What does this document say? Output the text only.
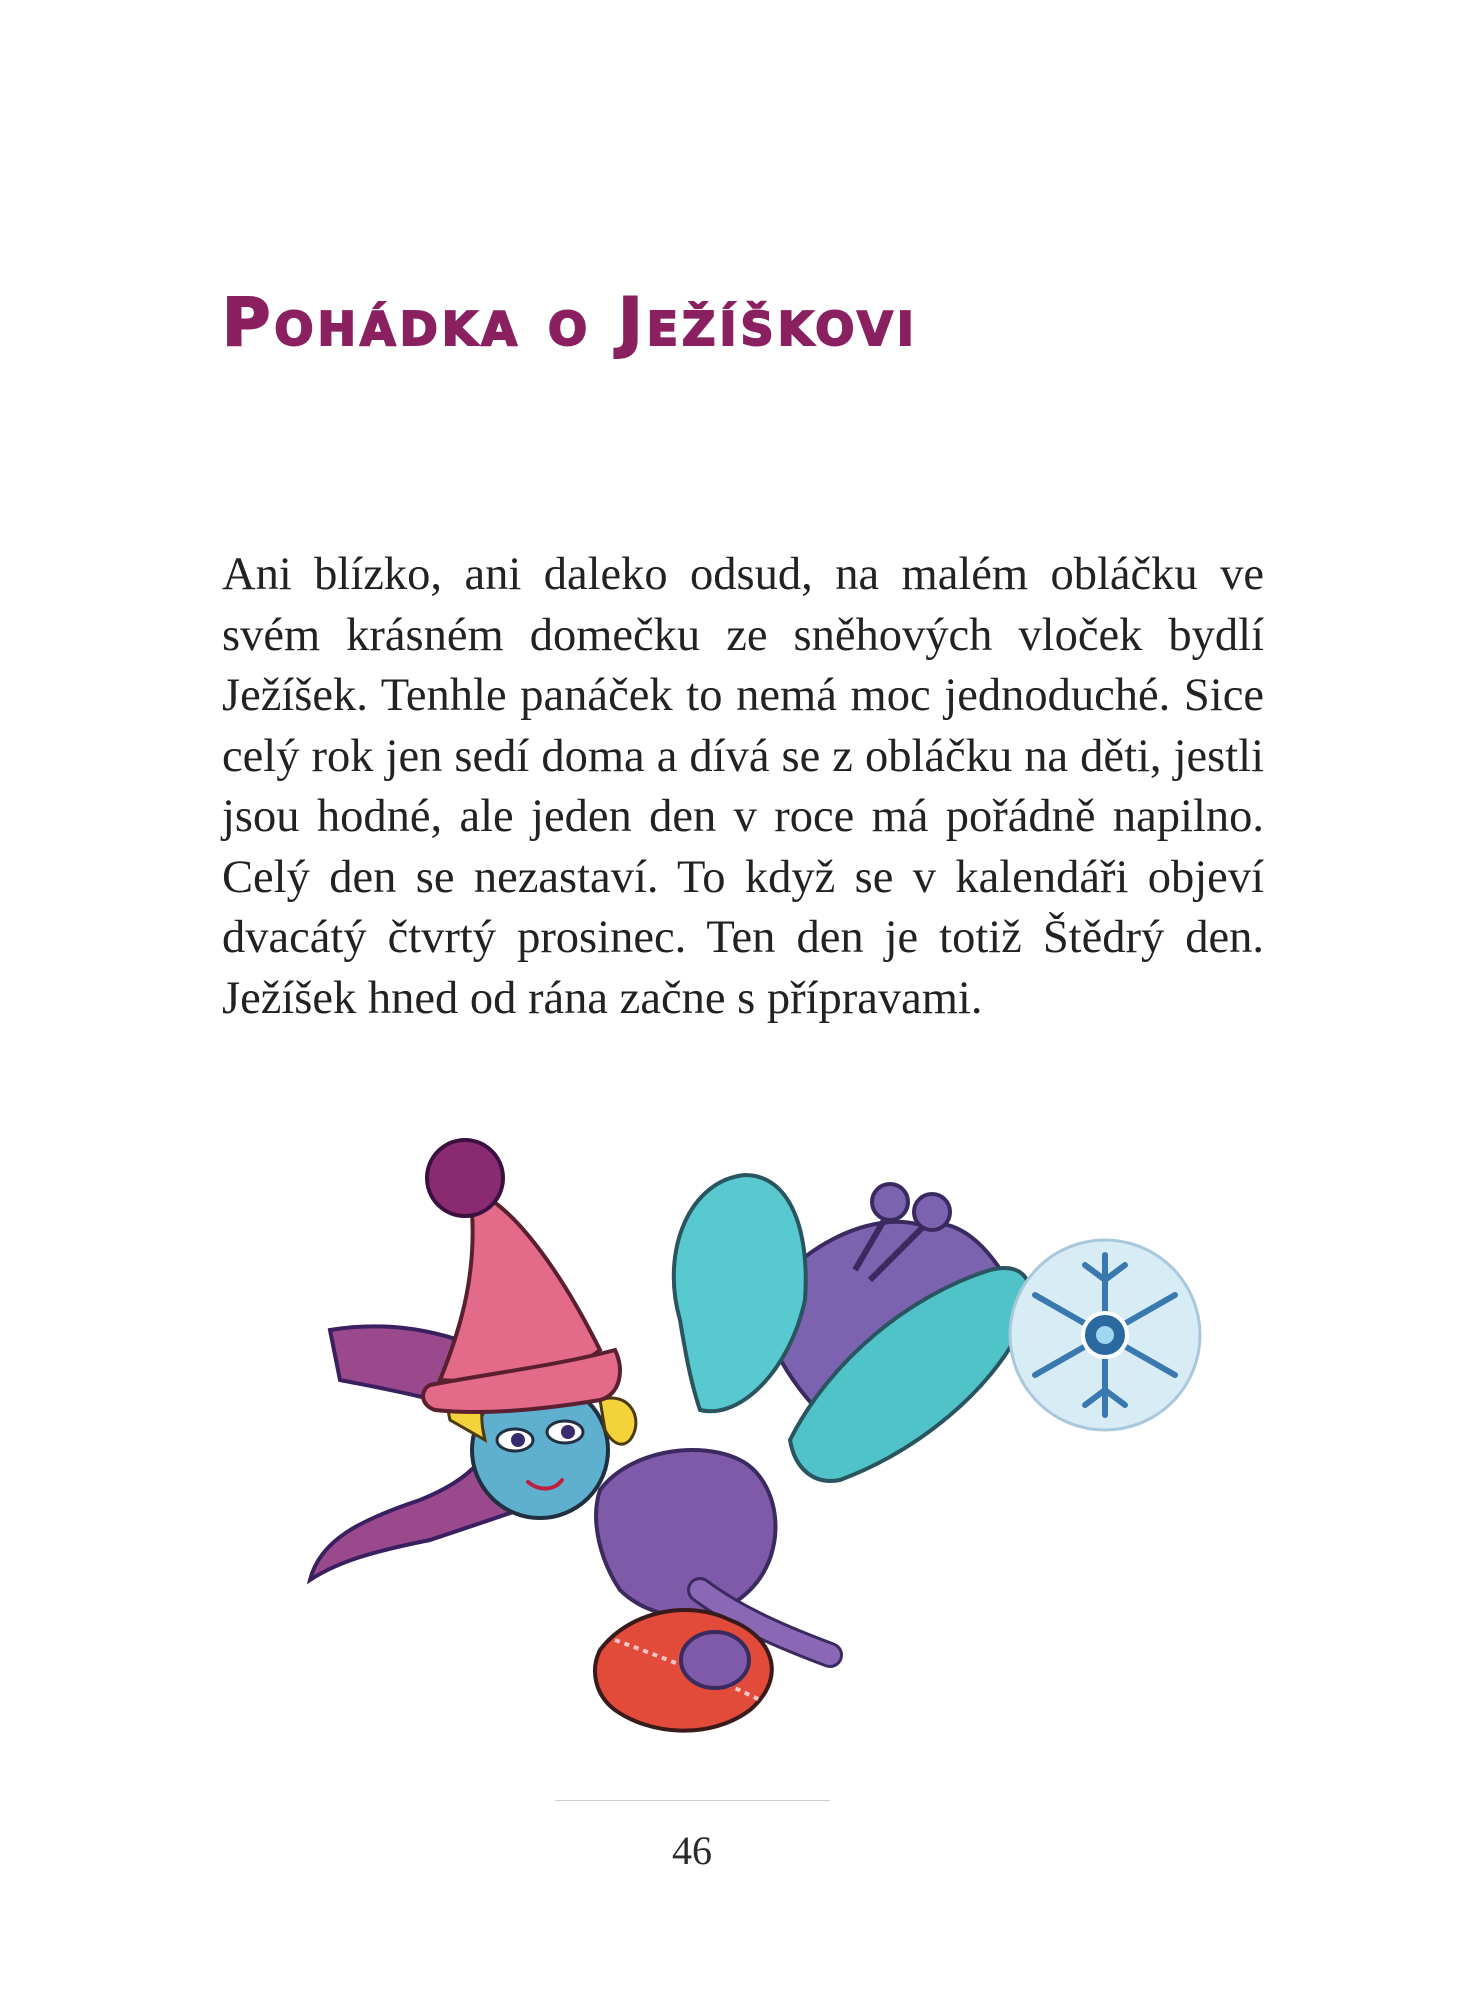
Pohádka o Ježíškovi

Ani blízko, ani daleko odsud, na malém obláčku ve svém krásném domečku ze sněhových vloček bydlí Ježíšek. Tenhle panáček to nemá moc jednoduché. Sice celý rok jen sedí doma a dívá se z obláčku na děti, jestli jsou hodné, ale jeden den v roce má pořádně napilno. Celý den se nezastaví. To když se v kalendáři objeví dvacátý čtvrtý prosinec. Ten den je totiž Štědrý den. Ježíšek hned od rána začne s přípravami.

46
